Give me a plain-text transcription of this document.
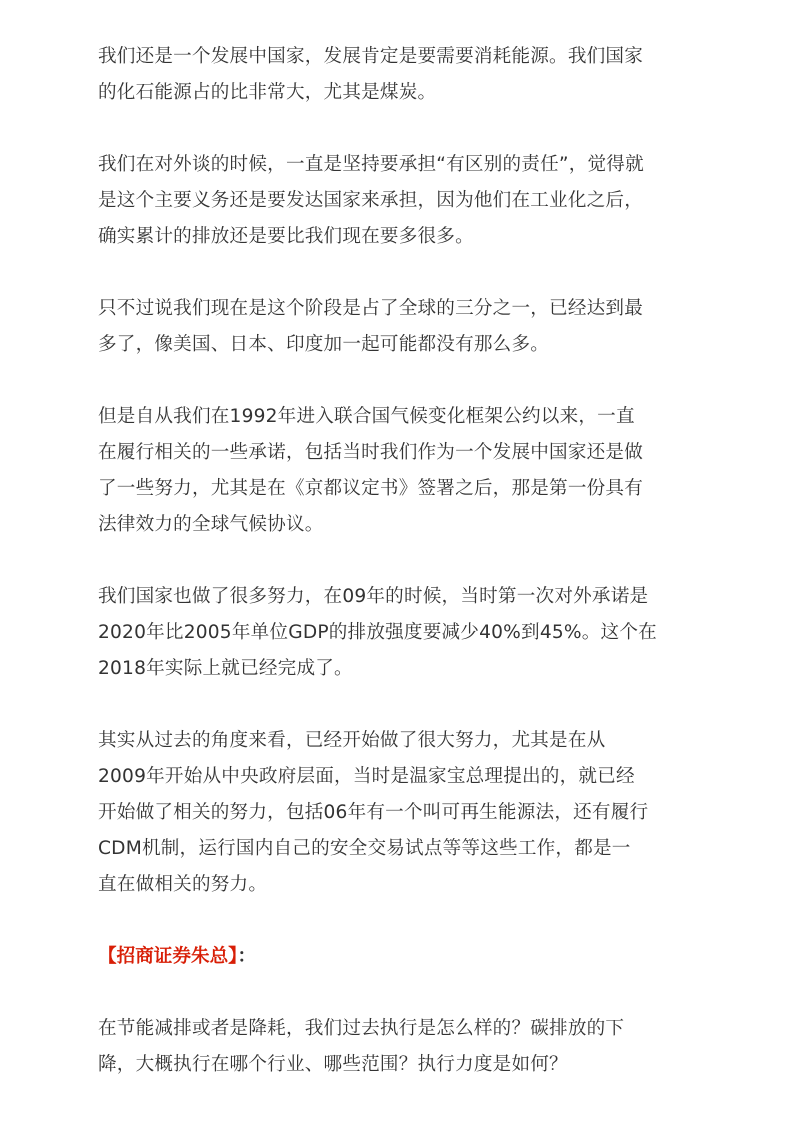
我们还是一个发展中国家，发展肯定是要需要消耗能源。我们国家
的化石能源占的比非常大，尤其是煤炭。

我们在对外谈的时候，一直是坚持要承担“有区别的责任”，觉得就
是这个主要义务还是要发达国家来承担，因为他们在工业化之后，
确实累计的排放还是要比我们现在要多很多。

只不过说我们现在是这个阶段是占了全球的三分之一，已经达到最
多了，像美国、日本、印度加一起可能都没有那么多。

但是自从我们在1992年进入联合国气候变化框架公约以来，一直
在履行相关的一些承诺，包括当时我们作为一个发展中国家还是做
了一些努力，尤其是在《京都议定书》签署之后，那是第一份具有
法律效力的全球气候协议。

我们国家也做了很多努力，在09年的时候，当时第一次对外承诺是
2020年比2005年单位GDP的排放强度要减少40%到45%。这个在
2018年实际上就已经完成了。

其实从过去的角度来看，已经开始做了很大努力，尤其是在从
2009年开始从中央政府层面，当时是温家宝总理提出的，就已经
开始做了相关的努力，包括06年有一个叫可再生能源法，还有履行
CDM机制，运行国内自己的安全交易试点等等这些工作，都是一
直在做相关的努力。

【招商证券朱总】：

在节能减排或者是降耗，我们过去执行是怎么样的？碳排放的下
降，大概执行在哪个行业、哪些范围？执行力度是如何？
